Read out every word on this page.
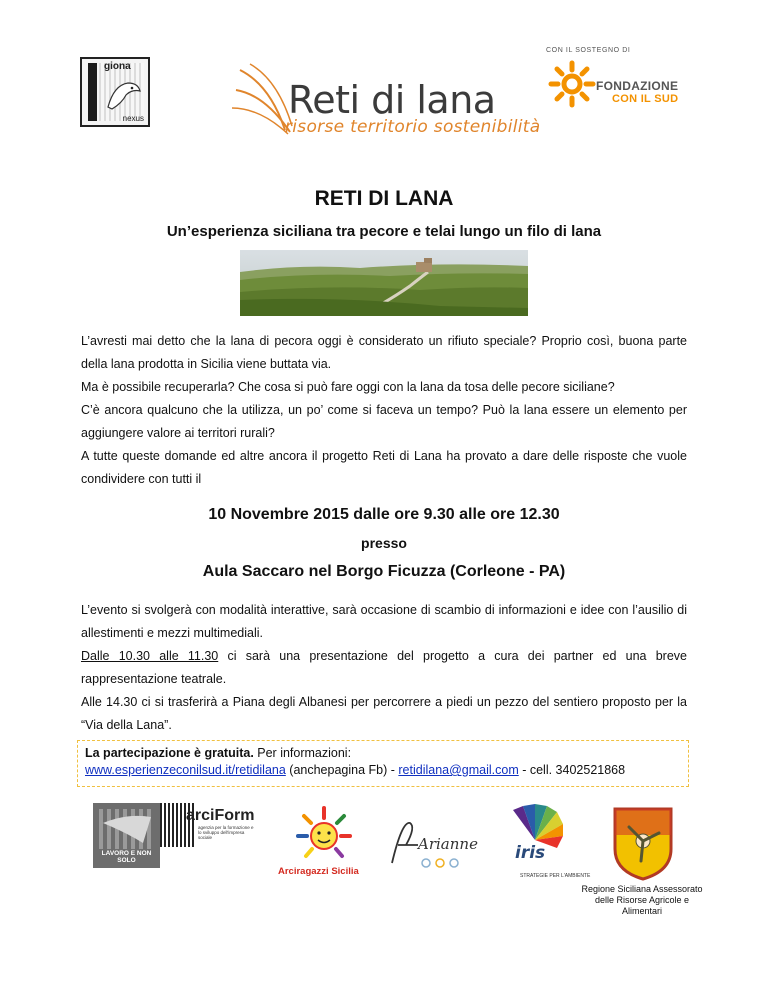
giona
nexus	Reti di lana
risorse territorio sostenibilità
CON IL SOSTEGNO DI
FONDAZIONE
CON IL SUD
RETI DI LANA
Un’esperienza siciliana tra pecore e telai lungo un filo di lana
L’avresti mai detto che la lana di pecora oggi è considerato un rifiuto speciale? Proprio così, buona parte della lana prodotta in Sicilia viene buttata via.
Ma è possibile recuperarla? Che cosa si può fare oggi con la lana da tosa delle pecore siciliane?
C’è ancora qualcuno che la utilizza, un po’ come si faceva un tempo? Può la lana essere un elemento per aggiungere valore ai territori rurali?
A tutte queste domande ed altre ancora il progetto Reti di Lana ha provato a dare delle risposte che vuole condividere con tutti il
10 Novembre 2015 dalle ore 9.30 alle ore 12.30
presso
Aula Saccaro nel Borgo Ficuzza (Corleone - PA)
L’evento si svolgerà con modalità interattive, sarà occasione di scambio di informazioni e idee con l’ausilio di allestimenti e mezzi multimediali.
Dalle 10.30 alle 11.30 ci sarà una presentazione del progetto a cura dei partner ed una breve rappresentazione teatrale.
Alle 14.30 ci si trasferirà a Piana degli Albanesi per percorrere a piedi un pezzo del sentiero proposto per la “Via della Lana”.
La partecipazione è gratuita. Per informazioni:
www.esperienzeconilsud.it/retidilana (anchepagina Fb) - retidilana@gmail.com - cell. 3402521868
LAVORO E NON SOLO
arciForm
agenzia per la formazione e lo sviluppo dell'impresa sociale
Arciragazzi Sicilia
Arianne iris
STRATEGIE PER L'AMBIENTE
Regione Siciliana Assessorato delle Risorse Agricole e Alimentari
